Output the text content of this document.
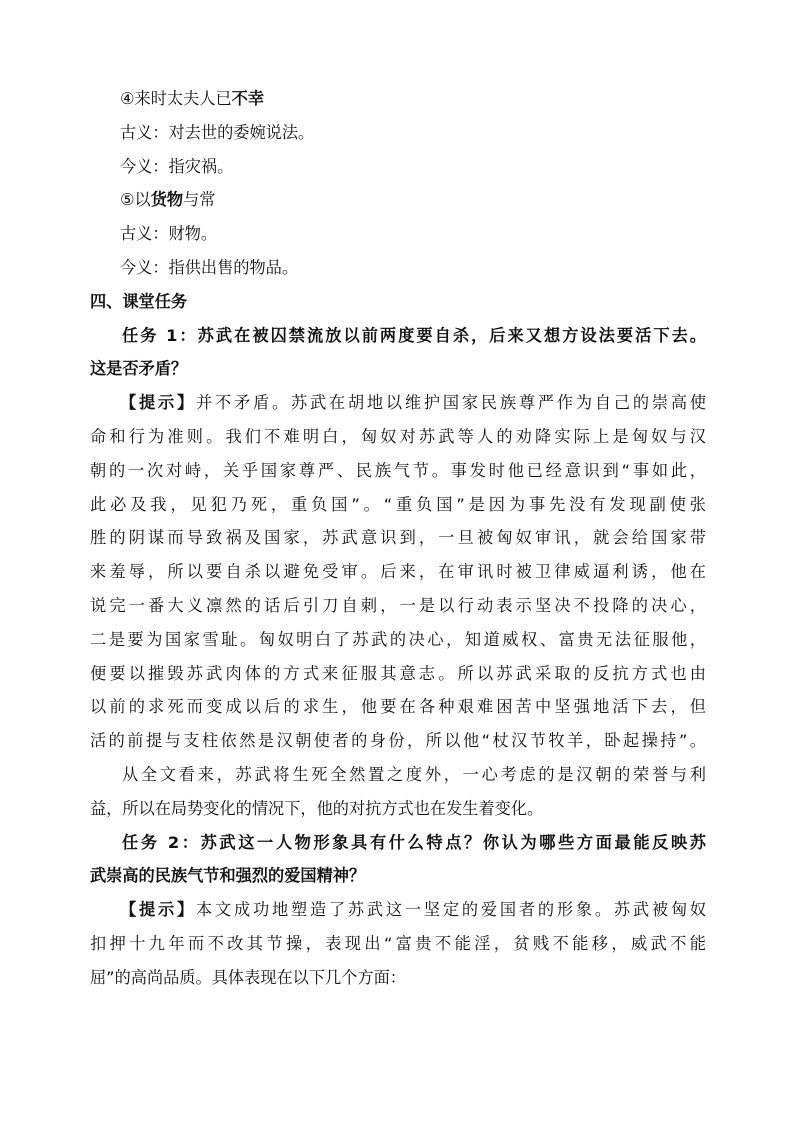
④来时太夫人已不幸
古义：对去世的委婉说法。
今义：指灾祸。
⑤以货物与常
古义：财物。
今义：指供出售的物品。
四、课堂任务
任务 1：苏武在被囚禁流放以前两度要自杀，后来又想方设法要活下去。
这是否矛盾？
【提示】并不矛盾。苏武在胡地以维护国家民族尊严作为自己的崇高使
命和行为准则。我们不难明白，匈奴对苏武等人的劝降实际上是匈奴与汉
朝的一次对峙，关乎国家尊严、民族气节。事发时他已经意识到“事如此，
此必及我，见犯乃死，重负国”。“重负国”是因为事先没有发现副使张
胜的阴谋而导致祸及国家，苏武意识到，一旦被匈奴审讯，就会给国家带
来羞辱，所以要自杀以避免受审。后来，在审讯时被卫律威逼利诱，他在
说完一番大义凛然的话后引刀自刺，一是以行动表示坚决不投降的决心，
二是要为国家雪耻。匈奴明白了苏武的决心，知道威权、富贵无法征服他，
便要以摧毁苏武肉体的方式来征服其意志。所以苏武采取的反抗方式也由
以前的求死而变成以后的求生，他要在各种艰难困苦中坚强地活下去，但
活的前提与支柱依然是汉朝使者的身份，所以他“杖汉节牧羊，卧起操持”。
从全文看来，苏武将生死全然置之度外，一心考虑的是汉朝的荣誉与利
益，所以在局势变化的情况下，他的对抗方式也在发生着变化。
任务 2：苏武这一人物形象具有什么特点？你认为哪些方面最能反映苏
武崇高的民族气节和强烈的爱国精神？
【提示】本文成功地塑造了苏武这一坚定的爱国者的形象。苏武被匈奴
扣押十九年而不改其节操，表现出“富贵不能淫，贫贱不能移，威武不能
屈”的高尚品质。具体表现在以下几个方面：
